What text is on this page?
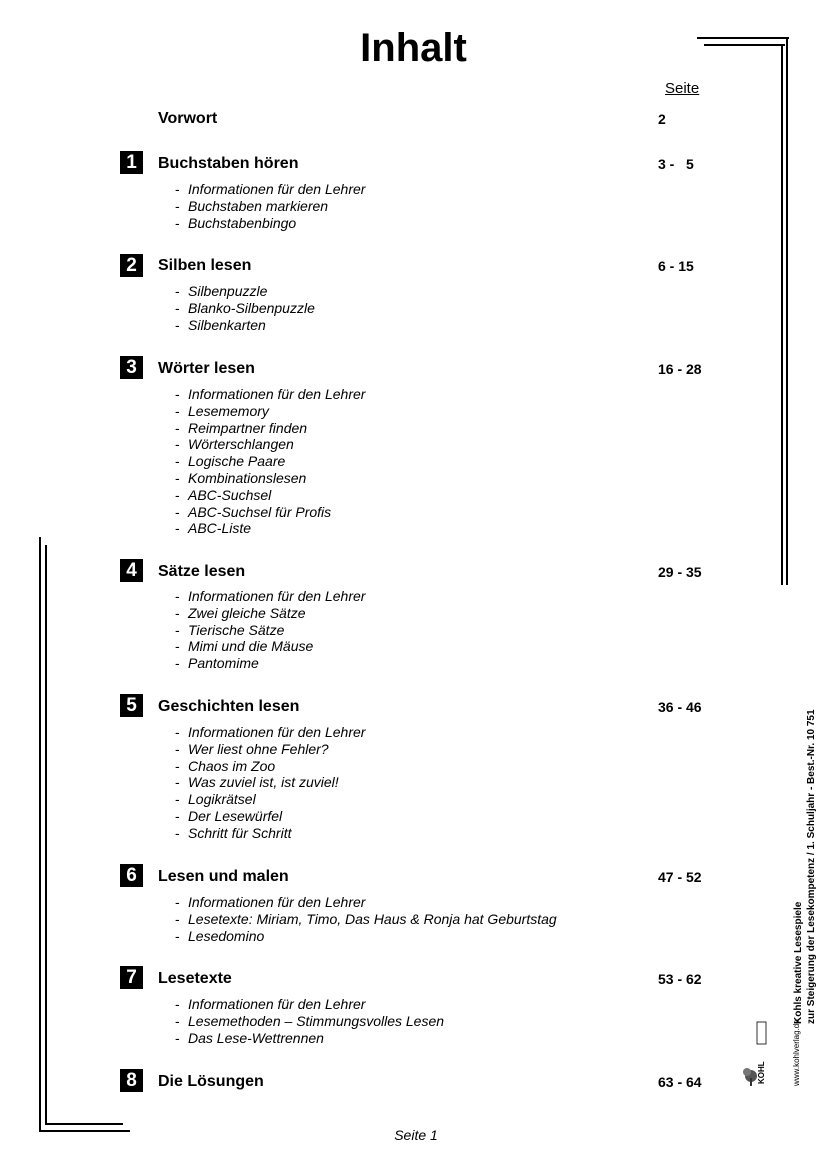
Inhalt
Seite
Vorwort	2
1	Buchstaben hören	3 -   5
- Informationen für den Lehrer
- Buchstaben markieren
- Buchstabenbingo
2	Silben lesen	6 - 15
- Silbenpuzzle
- Blanko-Silbenpuzzle
- Silbenkarten
3	Wörter lesen	16 - 28
- Informationen für den Lehrer
- Lesememory
- Reimpartner finden
- Wörterschlangen
- Logische Paare
- Kombinationslesen
- ABC-Suchsel
- ABC-Suchsel für Profis
- ABC-Liste
4	Sätze lesen	29 - 35
- Informationen für den Lehrer
- Zwei gleiche Sätze
- Tierische Sätze
- Mimi und die Mäuse
- Pantomime
5	Geschichten lesen	36 - 46
- Informationen für den Lehrer
- Wer liest ohne Fehler?
- Chaos im Zoo
- Was zuviel ist, ist zuviel!
- Logikrätsel
- Der Lesewürfel
- Schritt für Schritt
6	Lesen und malen	47 - 52
- Informationen für den Lehrer
- Lesetexte: Miriam, Timo, Das Haus & Ronja hat Geburtstag
- Lesedomino
7	Lesetexte	53 - 62
- Informationen für den Lehrer
- Lesemethoden – Stimmungsvolles Lesen
- Das Lese-Wettrennen
8	Die Lösungen	63 - 64
Kohls kreative Lesespiele zur Steigerung der Lesekompetenz / 1. Schuljahr - Best.-Nr. 10 751
www.kohlverlag.de
KOHL
Seite 1
